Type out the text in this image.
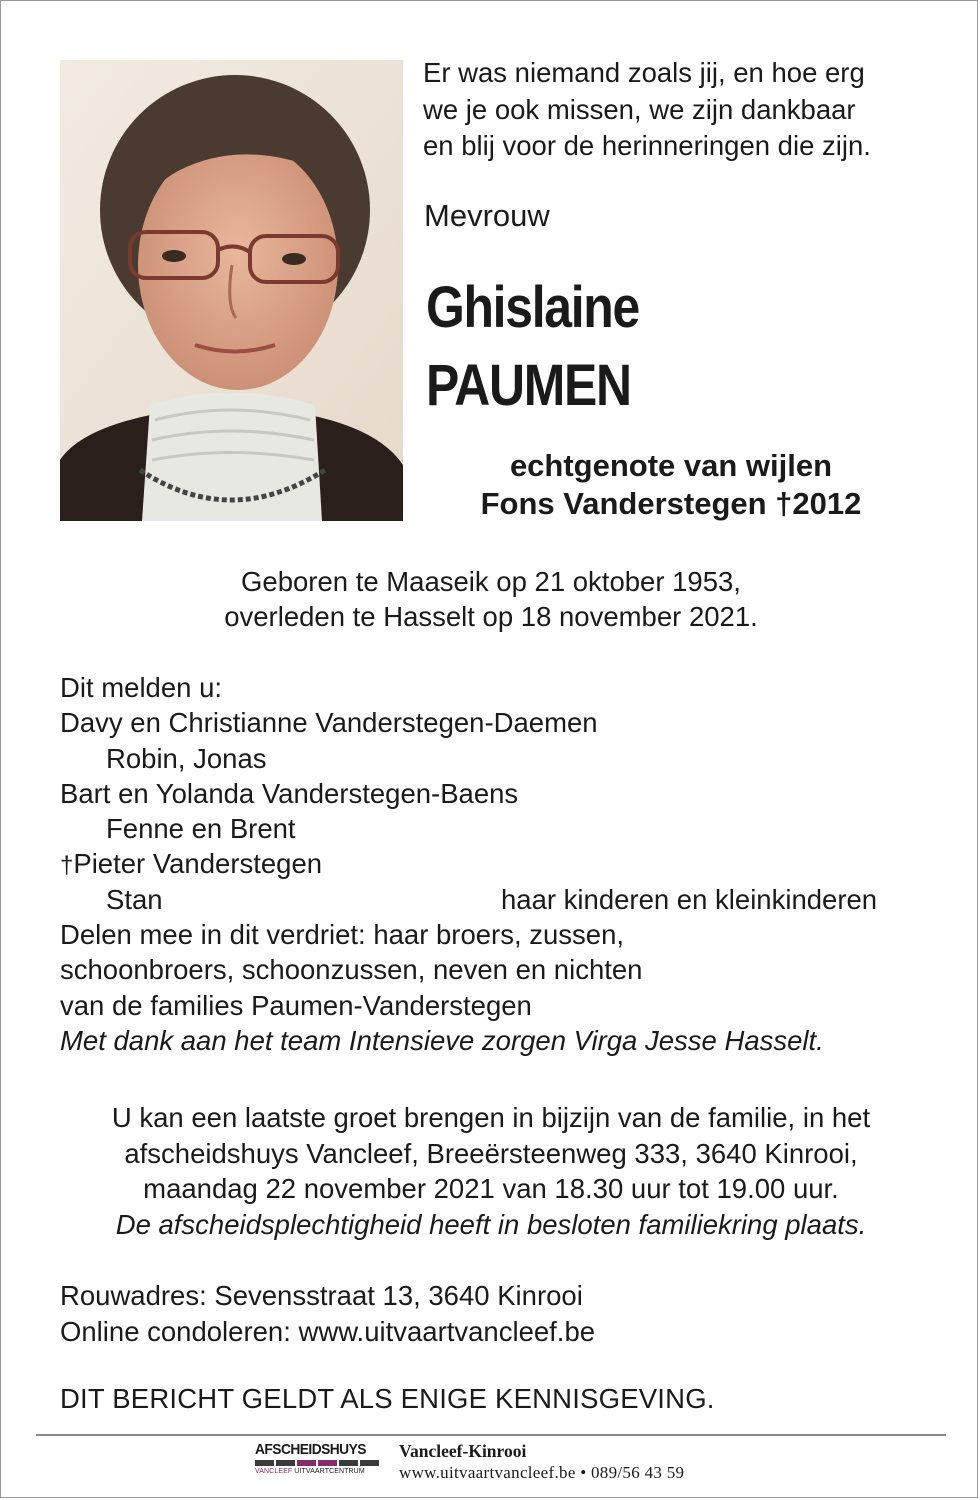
Er was niemand zoals jij, en hoe erg
we je ook missen, we zijn dankbaar
en blij voor de herinneringen die zijn.
Mevrouw
Ghislaine
PAUMEN
echtgenote van wijlen
Fons Vanderstegen †2012
Geboren te Maaseik op 21 oktober 1953,
overleden te Hasselt op 18 november 2021.
Dit melden u:
Davy en Christianne Vanderstegen-Daemen
Robin, Jonas
Bart en Yolanda Vanderstegen-Baens
Fenne en Brent
†Pieter Vanderstegen
Stan	haar kinderen en kleinkinderen
Delen mee in dit verdriet: haar broers, zussen,
schoonbroers, schoonzussen, neven en nichten
van de families Paumen-Vanderstegen
Met dank aan het team Intensieve zorgen Virga Jesse Hasselt.
U kan een laatste groet brengen in bijzijn van de familie, in het
afscheidshuys Vancleef, Breeërsteenweg 333, 3640 Kinrooi,
maandag 22 november 2021 van 18.30 uur tot 19.00 uur.
De afscheidsplechtigheid heeft in besloten familiekring plaats.
Rouwadres: Sevensstraat 13, 3640 Kinrooi
Online condoleren: www.uitvaartvancleef.be
DIT BERICHT GELDT ALS ENIGE KENNISGEVING.
AFSCHEIDSHUYS
VANCLEEF UITVAARTCENTRUM
Vancleef-Kinrooi
www.uitvaartvancleef.be • 089/56 43 59
